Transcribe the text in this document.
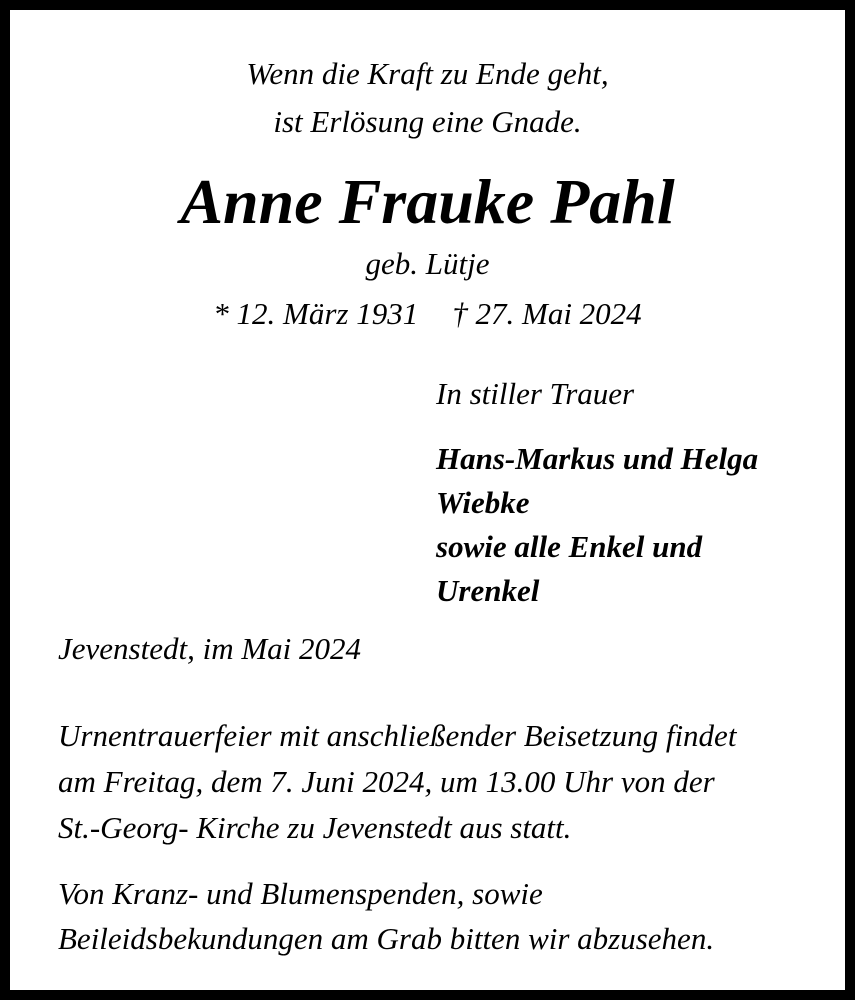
Wenn die Kraft zu Ende geht,
ist Erlösung eine Gnade.
Anne Frauke Pahl
geb. Lütje
* 12. März 1931 † 27. Mai 2024
In stiller Trauer
Hans-Markus und Helga
Wiebke
sowie alle Enkel und
Urenkel
Jevenstedt, im Mai 2024
Urnentrauerfeier mit anschließender Beisetzung findet
am Freitag, dem 7. Juni 2024, um 13.00 Uhr von der
St.-Georg- Kirche zu Jevenstedt aus statt.
Von Kranz- und Blumenspenden, sowie
Beileidsbekundungen am Grab bitten wir abzusehen.
